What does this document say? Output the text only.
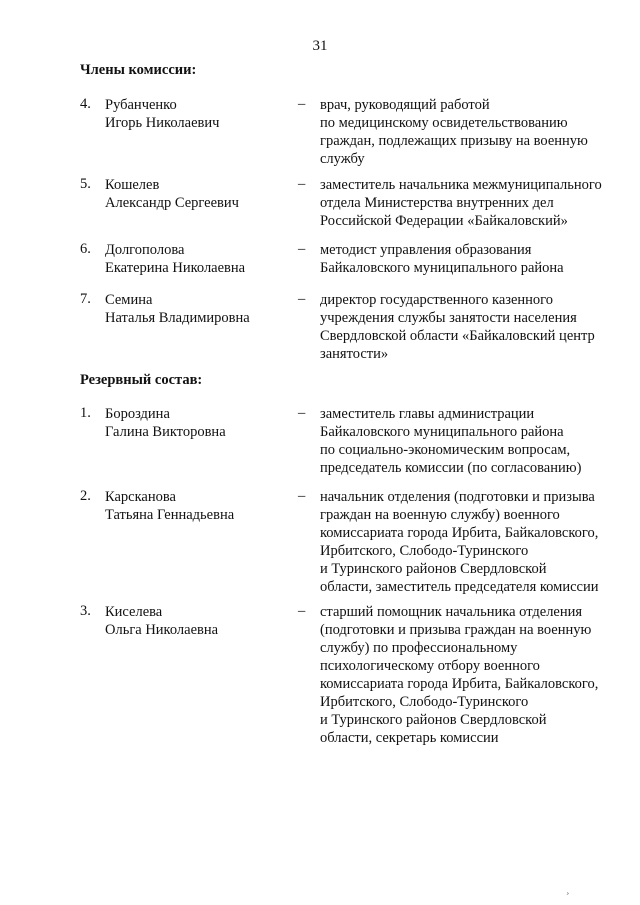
31
Члены комиссии:
4. Рубанченко
Игорь Николаевич
– врач, руководящий работой
по медицинскому освидетельствованию
граждан, подлежащих призыву на военную
службу
5. Кошелев
Александр Сергеевич
– заместитель начальника межмуниципального
отдела Министерства внутренних дел
Российской Федерации «Байкаловский»
6. Долгополова
Екатерина Николаевна
– методист управления образования
Байкаловского муниципального района
7. Семина
Наталья Владимировна
– директор государственного казенного
учреждения службы занятости населения
Свердловской области «Байкаловский центр
занятости»
Резервный состав:
1. Бороздина
Галина Викторовна
– заместитель главы администрации
Байкаловского муниципального района
по социально-экономическим вопросам,
председатель комиссии (по согласованию)
2. Карсканова
Татьяна Геннадьевна
– начальник отделения (подготовки и призыва
граждан на военную службу) военного
комиссариата города Ирбита, Байкаловского,
Ирбитского, Слободо-Туринского
и Туринского районов Свердловской
области, заместитель председателя комиссии
3. Киселева
Ольга Николаевна
– старший помощник начальника отделения
(подготовки и призыва граждан на военную
службу) по профессиональному
психологическому отбору военного
комиссариата города Ирбита, Байкаловского,
Ирбитского, Слободо-Туринского
и Туринского районов Свердловской
области, секретарь комиссии
¸
